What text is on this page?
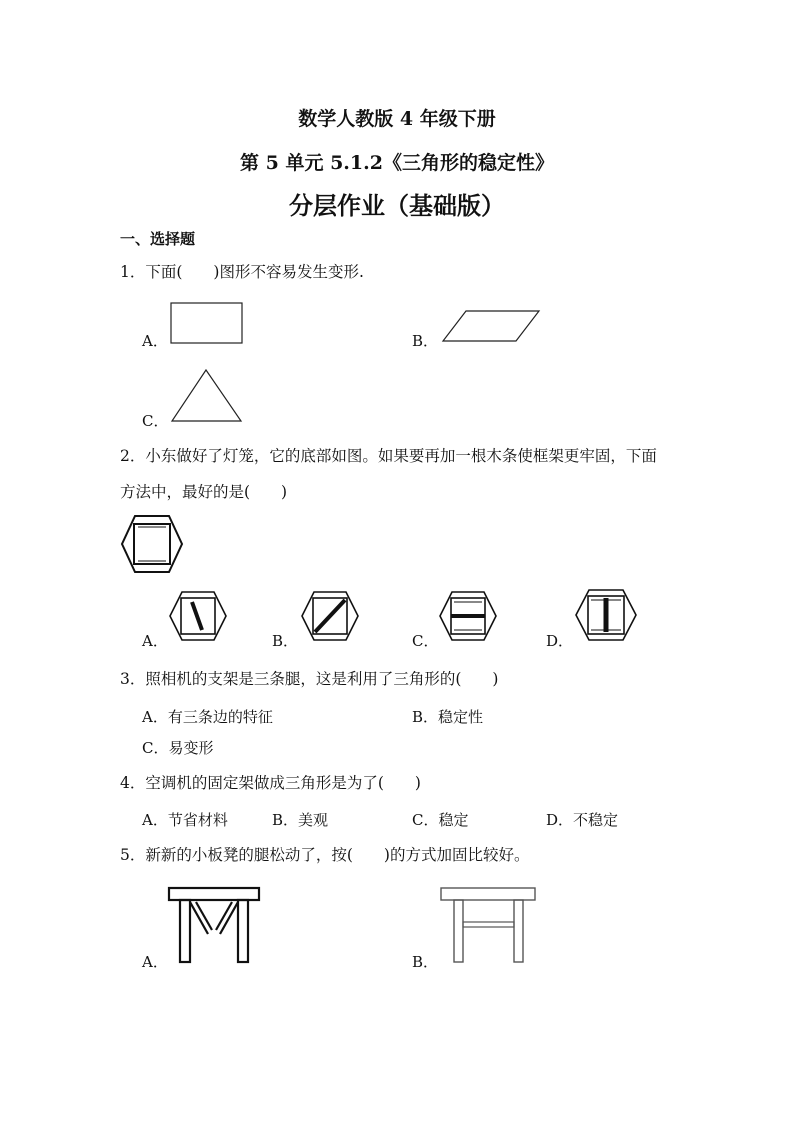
数学人教版 4 年级下册
第 5 单元 5.1.2《三角形的稳定性》
分层作业（基础版）
一、选择题
1．下面(　　)图形不容易发生变形.
A．	B．
C．
2．小东做好了灯笼，它的底部如图。如果要再加一根木条使框架更牢固，下面
方法中，最好的是(　　)
A．	B．	C．	D．
3．照相机的支架是三条腿，这是利用了三角形的(　　)
A．有三条边的特征	B．稳定性
C．易变形
4．空调机的固定架做成三角形是为了(　　)
A．节省材料	B．美观	C．稳定	D．不稳定
5．新新的小板凳的腿松动了，按(　　)的方式加固比较好。
A．	B．
